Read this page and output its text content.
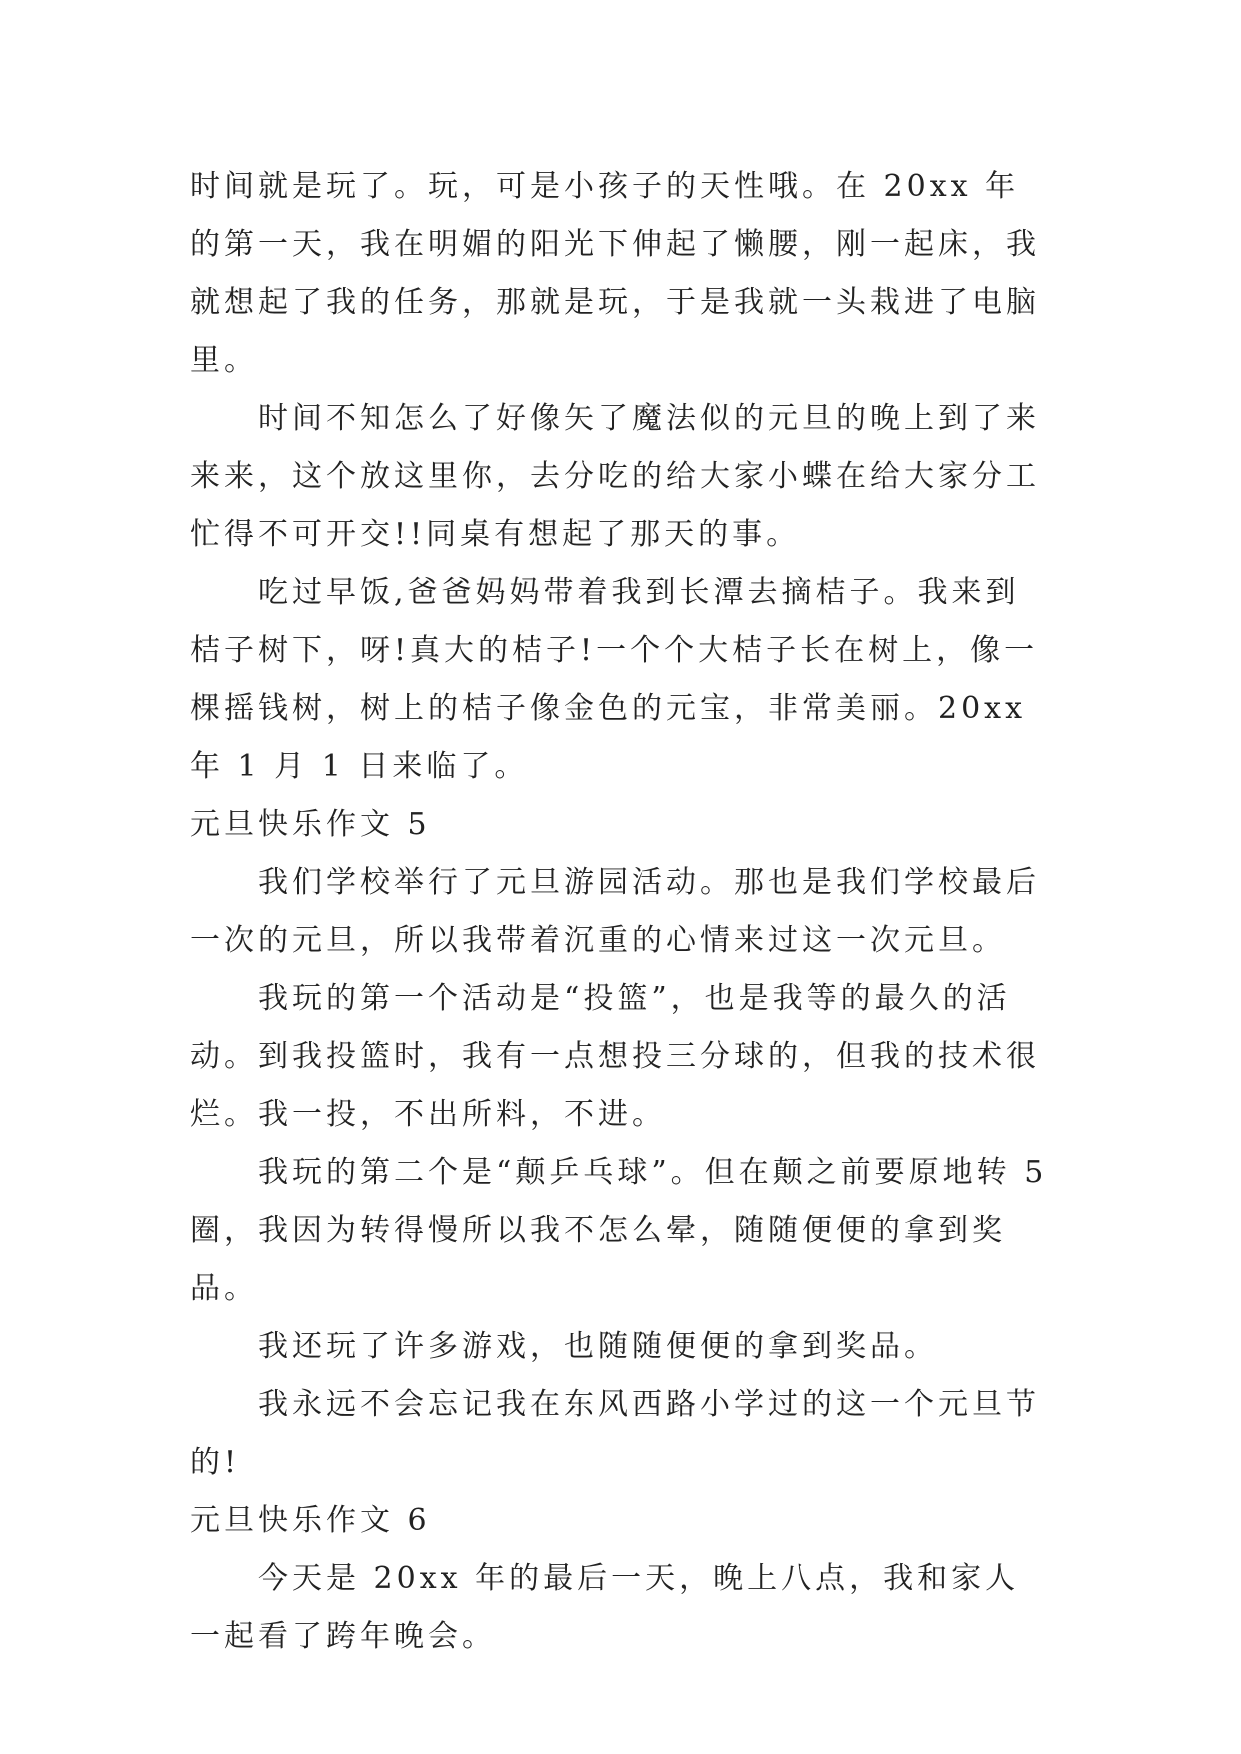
时间就是玩了。玩，可是小孩子的天性哦。在 20xx 年的第一天，我在明媚的阳光下伸起了懒腰，刚一起床，我就想起了我的任务，那就是玩，于是我就一头栽进了电脑里。

时间不知怎么了好像矢了魔法似的元旦的晚上到了来来来，这个放这里你，去分吃的给大家小蝶在给大家分工忙得不可开交!!同桌有想起了那天的事。

吃过早饭,爸爸妈妈带着我到长潭去摘桔子。我来到桔子树下，呀!真大的桔子!一个个大桔子长在树上，像一棵摇钱树，树上的桔子像金色的元宝，非常美丽。20xx 年 1 月 1 日来临了。

元旦快乐作文 5

我们学校举行了元旦游园活动。那也是我们学校最后一次的元旦，所以我带着沉重的心情来过这一次元旦。

我玩的第一个活动是“投篮”，也是我等的最久的活动。到我投篮时，我有一点想投三分球的，但我的技术很烂。我一投，不出所料，不进。

我玩的第二个是“颠乒乓球”。但在颠之前要原地转 5 圈，我因为转得慢所以我不怎么晕，随随便便的拿到奖品。

我还玩了许多游戏，也随随便便的拿到奖品。

我永远不会忘记我在东风西路小学过的这一个元旦节的!

元旦快乐作文 6

今天是 20xx 年的最后一天，晚上八点，我和家人一起看了跨年晚会。
